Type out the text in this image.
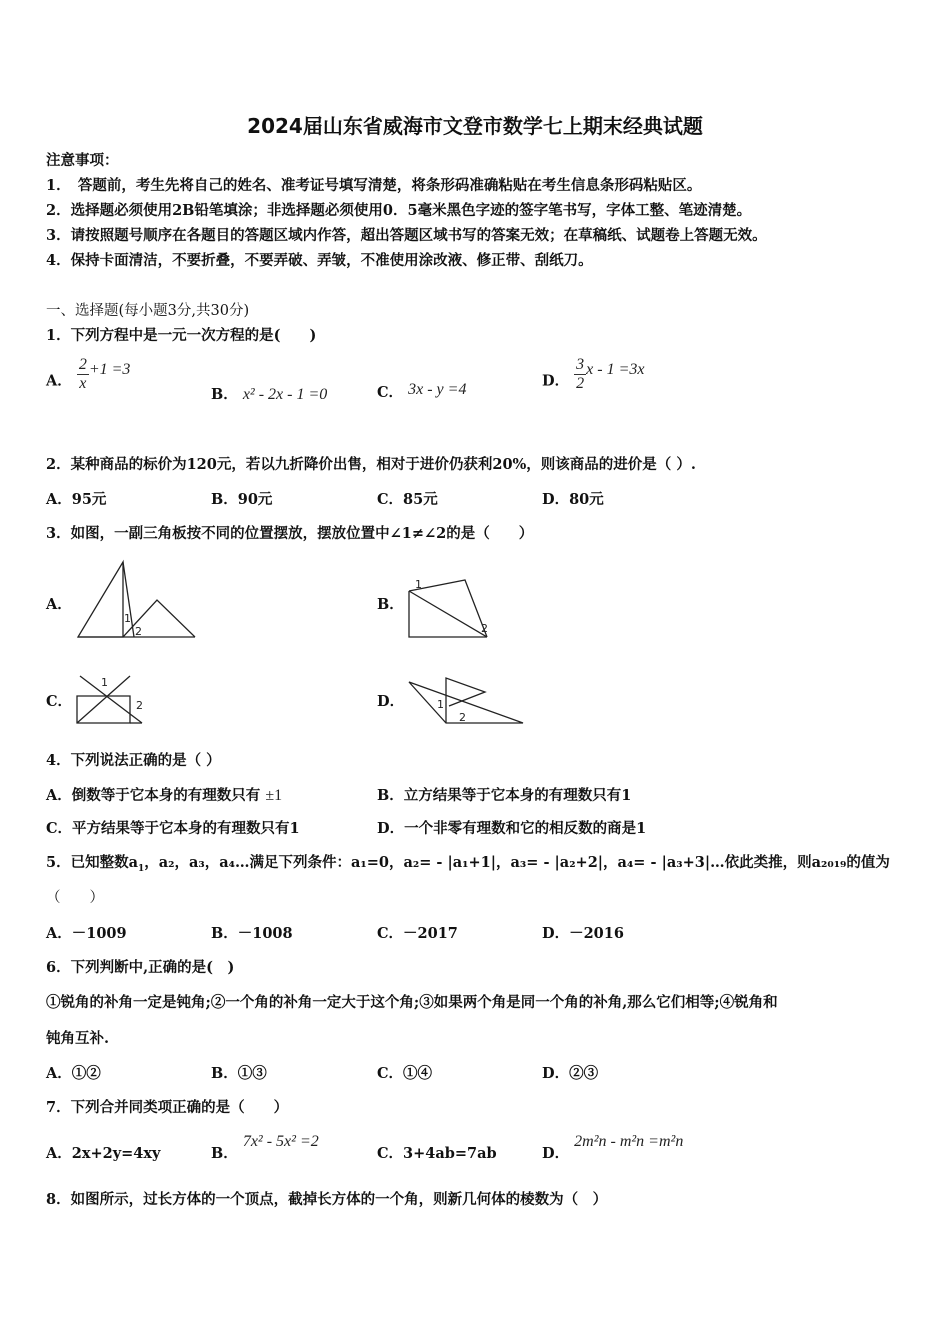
2024届山东省威海市文登市数学七上期末经典试题
注意事项：
1．　答题前，考生先将自己的姓名、准考证号填写清楚，将条形码准确粘贴在考生信息条形码粘贴区。
2．选择题必须使用2B铅笔填涂；非选择题必须使用0．5毫米黑色字迹的签字笔书写，字体工整、笔迹清楚。
3．请按照题号顺序在各题目的答题区域内作答，超出答题区域书写的答案无效；在草稿纸、试题卷上答题无效。
4．保持卡面清洁，不要折叠，不要弄破、弄皱，不准使用涂改液、修正带、刮纸刀。
一、选择题(每小题3分,共30分)
1．下列方程中是一元一次方程的是(　　)
A． $\frac{2}{x} +1 =3$
B． x² - 2x - 1 =0	C． 3x - y =4	D． $\frac{3}{2}$ x - 1 =3x
2．某种商品的标价为120元，若以九折降价出售，相对于进价仍获利20%，则该商品的进价是（ ）.
A．95元	B．90元	C．85元	D．80元
3．如图，一副三角板按不同的位置摆放，摆放位置中∠1≠∠2的是（　　）
A．
1
2
B．
1
2
C．
1
2	D．	1
2
4．下列说法正确的是（ ）
A．倒数等于它本身的有理数只有 ±1	B．立方结果等于它本身的有理数只有1
C．平方结果等于它本身的有理数只有1	D．一个非零有理数和它的相反数的商是1
5．已知整数$a_1$，a₂，a₃，a₄…满足下列条件：a₁=0，a₂= - |a₁+1|，a₃= - |a₂+2|，a₄= - |a₃+3|…依此类推，则a₂₀₁₉的值为
（　　）
A．－1009	B．－1008	C．－2017	D．－2016
6．下列判断中,正确的是(　)
①锐角的补角一定是钝角;②一个角的补角一定大于这个角;③如果两个角是同一个角的补角,那么它们相等;④锐角和
钝角互补.
A．①②	B．①③	C．①④	D．②③
7．下列合并同类项正确的是（　　）
A．2x+2y=4xy	B． 7x² - 5x² =2
C．3+4ab=7ab	D． 2m²n - m²n =m²n
8．如图所示，过长方体的一个顶点，截掉长方体的一个角，则新几何体的棱数为（　）
